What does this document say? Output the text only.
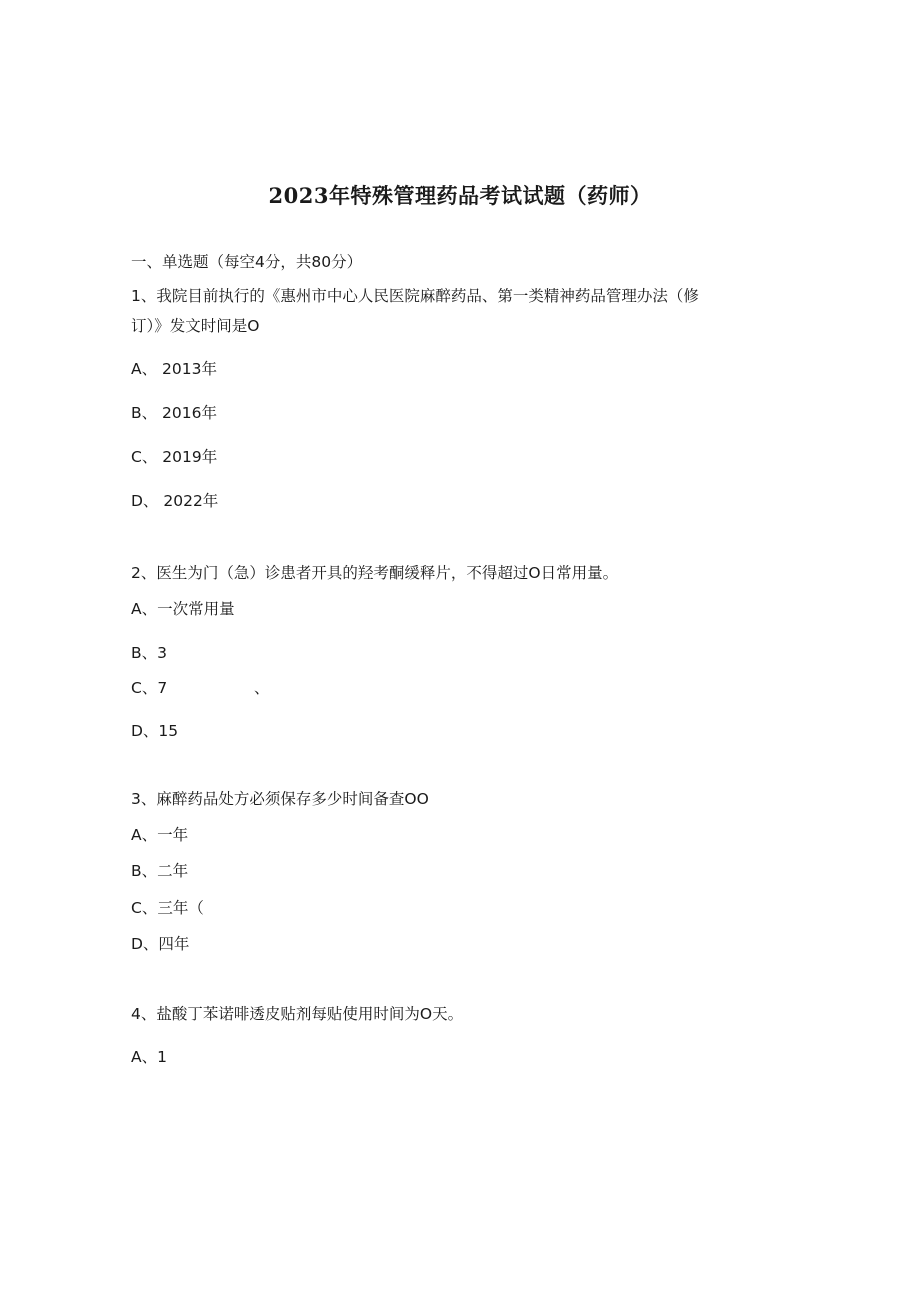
2023年特殊管理药品考试试题（药师）
一、单选题（每空4分，共80分）
1、我院目前执行的《惠州市中心人民医院麻醉药品、第一类精神药品管理办法（修
订）》发文时间是O
A、 2013年
B、 2016年
C、 2019年
D、 2022年
2、医生为门（急）诊患者开具的羟考酮缓释片，不得超过O日常用量。
A、一次常用量
B、3
C、7	、
D、15
3、麻醉药品处方必须保存多少时间备查OO
A、一年
B、二年
C、三年（
D、四年
4、盐酸丁苯诺啡透皮贴剂每贴使用时间为O天。
A、1
